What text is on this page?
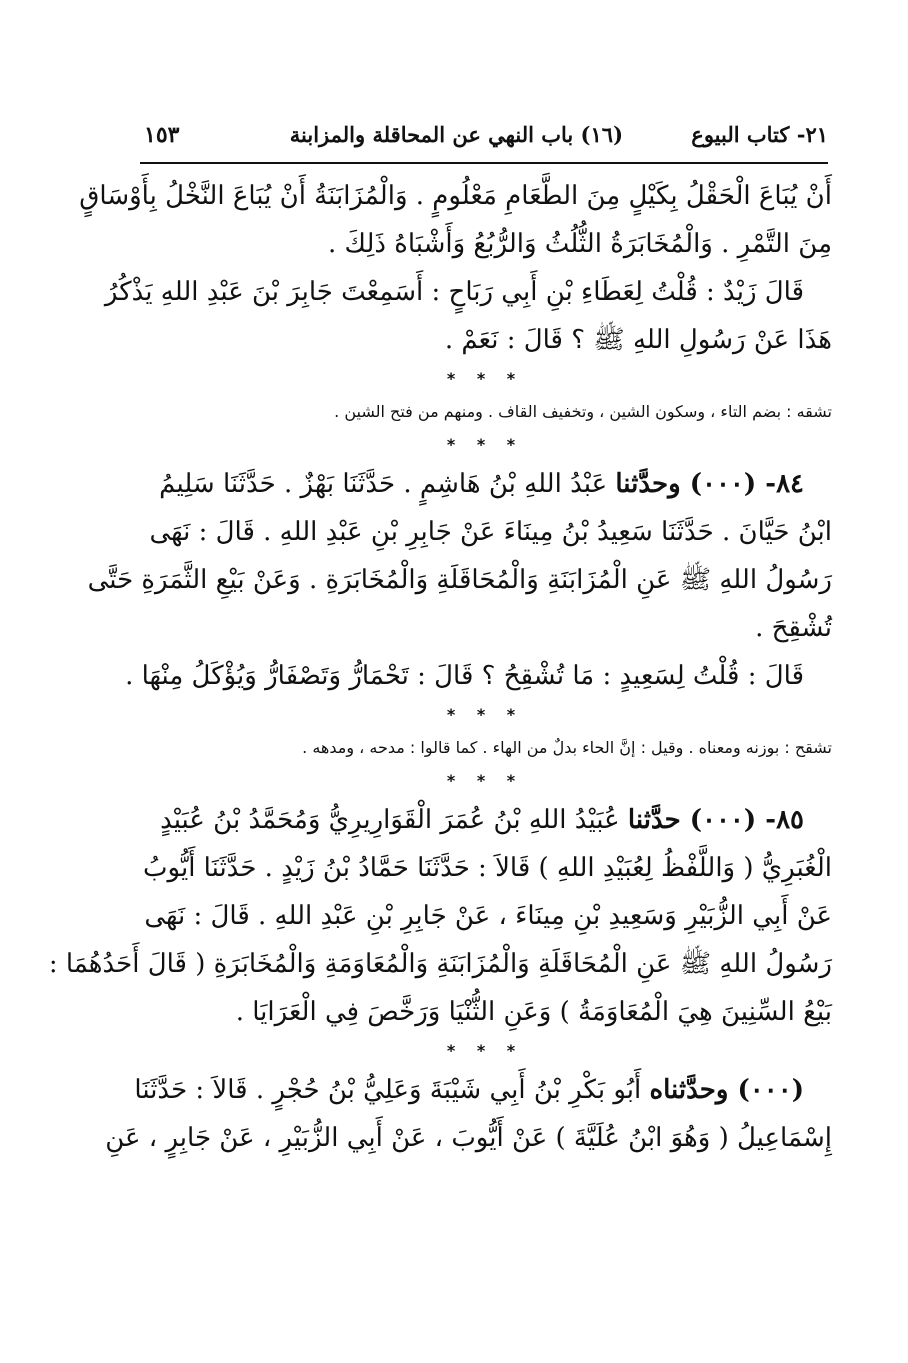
٢١- كتاب البيوع
(١٦) باب النهي عن المحاقلة والمزابنة
١٥٣
أَنْ يُبَاعَ الْحَقْلُ بِكَيْلٍ مِنَ الطَّعَامِ مَعْلُومٍ . وَالْمُزَابَنَةُ أَنْ يُبَاعَ النَّخْلُ بِأَوْسَاقٍ
مِنَ التَّمْرِ . وَالْمُخَابَرَةُ الثُّلُثُ وَالرُّبُعُ وَأَشْبَاهُ ذَلِكَ .
قَالَ زَيْدٌ : قُلْتُ لِعَطَاءِ بْنِ أَبِي رَبَاحٍ : أَسَمِعْتَ جَابِرَ بْنَ عَبْدِ اللهِ يَذْكُرُ
هَذَا عَنْ رَسُولِ اللهِ ﷺ ؟ قَالَ : نَعَمْ .
* * *
تشقه : بضم التاء ، وسكون الشين ، وتخفيف القاف . ومنهم من فتح الشين .
* * *
٨٤- (٠٠٠) وحدَّثنا عَبْدُ اللهِ بْنُ هَاشِمٍ . حَدَّثَنَا بَهْزٌ . حَدَّثَنَا سَلِيمُ
ابْنُ حَيَّانَ . حَدَّثَنَا سَعِيدُ بْنُ مِينَاءَ عَنْ جَابِرِ بْنِ عَبْدِ اللهِ . قَالَ : نَهَى
رَسُولُ اللهِ ﷺ عَنِ الْمُزَابَنَةِ وَالْمُحَاقَلَةِ وَالْمُخَابَرَةِ . وَعَنْ بَيْعِ الثَّمَرَةِ حَتَّى
تُشْقِحَ .
قَالَ : قُلْتُ لِسَعِيدٍ : مَا تُشْقِحُ ؟ قَالَ : تَحْمَارُّ وَتَصْفَارُّ وَيُؤْكَلُ مِنْهَا .
* * *
تشقح : بوزنه ومعناه . وقيل : إنَّ الحاء بدلٌ من الهاء . كما قالوا : مدحه ، ومدهه .
* * *
٨٥- (٠٠٠) حدَّثنا عُبَيْدُ اللهِ بْنُ عُمَرَ الْقَوَارِيرِيُّ وَمُحَمَّدُ بْنُ عُبَيْدٍ
الْغُبَرِيُّ ( وَاللَّفْظُ لِعُبَيْدِ اللهِ ) قَالاَ : حَدَّثَنَا حَمَّادُ بْنُ زَيْدٍ . حَدَّثَنَا أَيُّوبُ
عَنْ أَبِي الزُّبَيْرِ وَسَعِيدِ بْنِ مِينَاءَ ، عَنْ جَابِرِ بْنِ عَبْدِ اللهِ . قَالَ : نَهَى
رَسُولُ اللهِ ﷺ عَنِ الْمُحَاقَلَةِ وَالْمُزَابَنَةِ وَالْمُعَاوَمَةِ وَالْمُخَابَرَةِ ( قَالَ أَحَدُهُمَا :
بَيْعُ السِّنِينَ هِيَ الْمُعَاوَمَةُ ) وَعَنِ الثُّنْيَا وَرَخَّصَ فِي الْعَرَايَا .
* * *
(٠٠٠) وحدَّثناه أَبُو بَكْرِ بْنُ أَبِي شَيْبَةَ وَعَلِيُّ بْنُ حُجْرٍ . قَالاَ : حَدَّثَنَا
إِسْمَاعِيلُ ( وَهُوَ ابْنُ عُلَيَّةَ ) عَنْ أَيُّوبَ ، عَنْ أَبِي الزُّبَيْرِ ، عَنْ جَابِرٍ ، عَنِ
